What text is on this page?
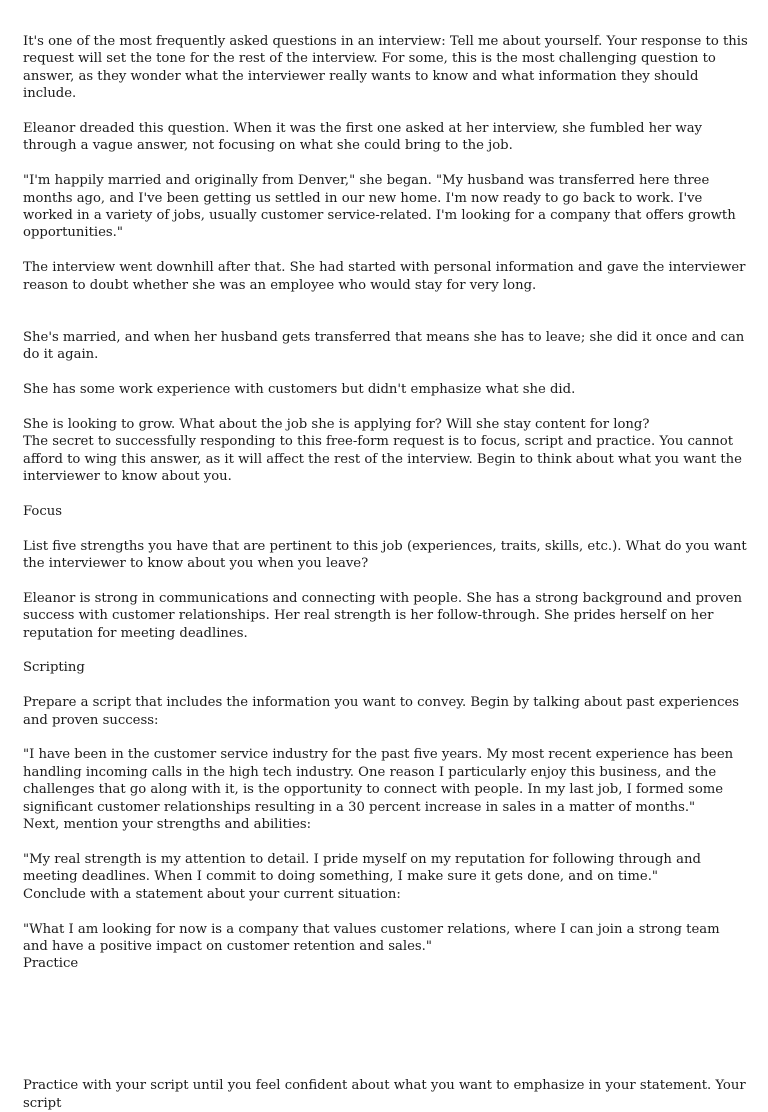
It's one of the most frequently asked questions in an interview: Tell me about yourself. Your response to this request will set the tone for the rest of the interview. For some, this is the most challenging question to answer, as they wonder what the interviewer really wants to know and what information they should include.

Eleanor dreaded this question. When it was the first one asked at her interview, she fumbled her way through a vague answer, not focusing on what she could bring to the job.

"I'm happily married and originally from Denver," she began. "My husband was transferred here three months ago, and I've been getting us settled in our new home. I'm now ready to go back to work. I've worked in a variety of jobs, usually customer service-related. I'm looking for a company that offers growth opportunities."

The interview went downhill after that. She had started with personal information and gave the interviewer reason to doubt whether she was an employee who would stay for very long.

She's married, and when her husband gets transferred that means she has to leave; she did it once and can do it again.

She has some work experience with customers but didn't emphasize what she did.

She is looking to grow. What about the job she is applying for? Will she stay content for long?

The secret to successfully responding to this free-form request is to focus, script and practice. You cannot afford to wing this answer, as it will affect the rest of the interview. Begin to think about what you want the interviewer to know about you.

Focus

List five strengths you have that are pertinent to this job (experiences, traits, skills, etc.). What do you want the interviewer to know about you when you leave?

Eleanor is strong in communications and connecting with people. She has a strong background and proven success with customer relationships. Her real strength is her follow-through. She prides herself on her reputation for meeting deadlines.

Scripting

Prepare a script that includes the information you want to convey. Begin by talking about past experiences and proven success:

"I have been in the customer service industry for the past five years. My most recent experience has been handling incoming calls in the high tech industry. One reason I particularly enjoy this business, and the challenges that go along with it, is the opportunity to connect with people. In my last job, I formed some significant customer relationships resulting in a 30 percent increase in sales in a matter of months."

Next, mention your strengths and abilities:

"My real strength is my attention to detail. I pride myself on my reputation for following through and meeting deadlines. When I commit to doing something, I make sure it gets done, and on time."

Conclude with a statement about your current situation:

"What I am looking for now is a company that values customer relations, where I can join a strong team and have a positive impact on customer retention and sales."

Practice

Practice with your script until you feel confident about what you want to emphasize in your statement. Your script
